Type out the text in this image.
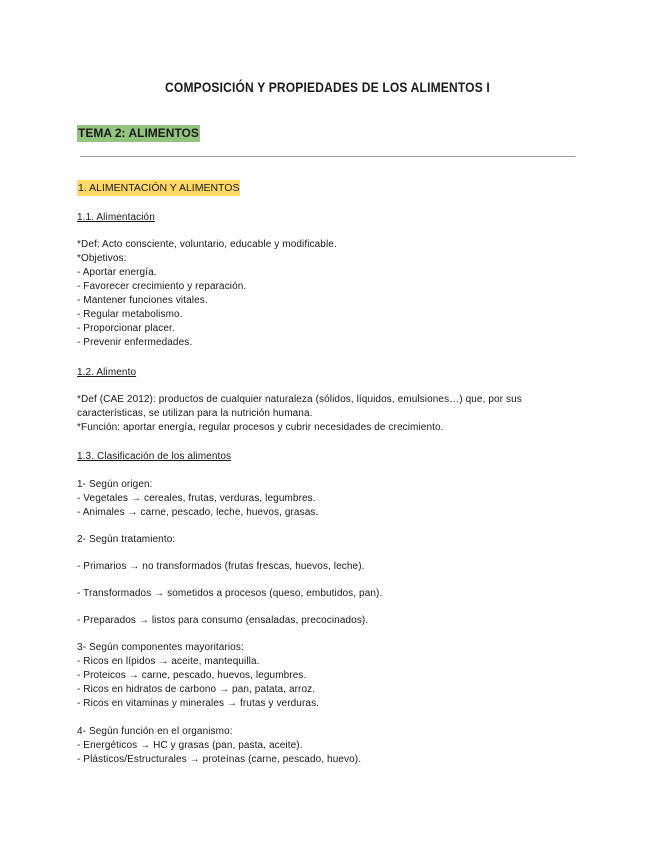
COMPOSICIÓN Y PROPIEDADES DE LOS ALIMENTOS I
TEMA 2: ALIMENTOS
1. ALIMENTACIÓN Y ALIMENTOS
1.1. Alimentación
*Def: Acto consciente, voluntario, educable y modificable.
*Objetivos:
- Aportar energía.
- Favorecer crecimiento y reparación.
- Mantener funciones vitales.
- Regular metabolismo.
- Proporcionar placer.
- Prevenir enfermedades.
1.2. Alimento
*Def (CAE 2012): productos de cualquier naturaleza (sólidos, líquidos, emulsiones…) que, por sus
características, se utilizan para la nutrición humana.
*Función: aportar energía, regular procesos y cubrir necesidades de crecimiento.
1.3. Clasificación de los alimentos
1- Según origen:
- Vegetales → cereales, frutas, verduras, legumbres.
- Animales → carne, pescado, leche, huevos, grasas.
2- Según tratamiento:
- Primarios → no transformados (frutas frescas, huevos, leche).
- Transformados → sometidos a procesos (queso, embutidos, pan).
- Preparados → listos para consumo (ensaladas, precocinados).
3- Según componentes mayoritarios:
- Ricos en lípidos → aceite, mantequilla.
- Proteicos → carne, pescado, huevos, legumbres.
- Ricos en hidratos de carbono → pan, patata, arroz.
- Ricos en vitaminas y minerales → frutas y verduras.
4- Según función en el organismo:
- Energéticos → HC y grasas (pan, pasta, aceite).
- Plásticos/Estructurales → proteínas (carne, pescado, huevo).
